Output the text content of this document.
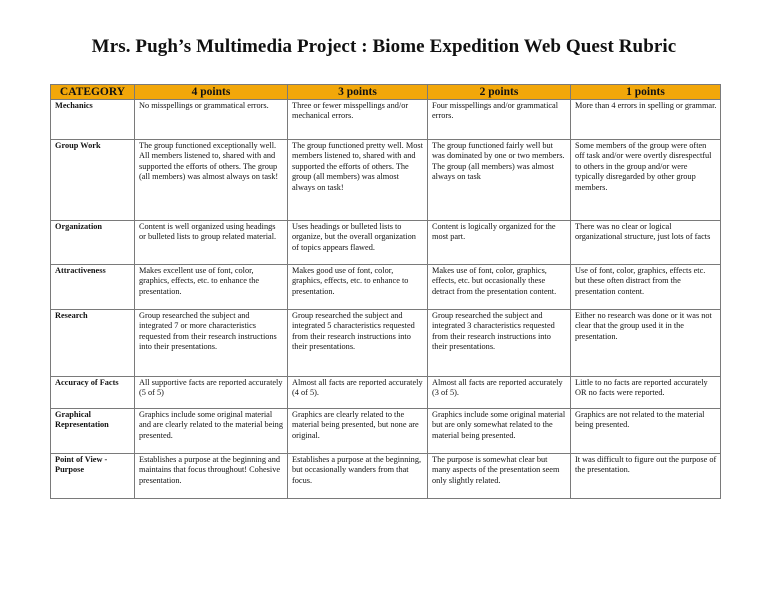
Mrs. Pugh’s Multimedia Project : Biome Expedition Web Quest Rubric
CATEGORY	4 points	3 points	2 points	1 points
Mechanics	No misspellings or grammatical errors.	Three or fewer misspellings and/or mechanical errors.	Four misspellings and/or grammatical errors.	More than 4 errors in spelling or grammar.
Group Work	The group functioned exceptionally well. All members listened to, shared with and supported the efforts of others. The group (all members) was almost always on task!	The group functioned pretty well. Most members listened to, shared with and supported the efforts of others. The group (all members) was almost always on task!	The group functioned fairly well but was dominated by one or two members. The group (all members) was almost always on task	Some members of the group were often off task and/or were overtly disrespectful to others in the group and/or were typically disregarded by other group members.
Organization	Content is well organized using headings or bulleted lists to group related material.	Uses headings or bulleted lists to organize, but the overall organization of topics appears flawed.	Content is logically organized for the most part.	There was no clear or logical organizational structure, just lots of facts
Attractiveness	Makes excellent use of font, color, graphics, effects, etc. to enhance the presentation.	Makes good use of font, color, graphics, effects, etc. to enhance to presentation.	Makes use of font, color, graphics, effects, etc. but occasionally these detract from the presentation content.	Use of font, color, graphics, effects etc. but these often distract from the presentation content.
Research	Group researched the subject and integrated 7 or more characteristics requested from their research instructions into their presentations.	Group researched the subject and integrated 5 characteristics requested from their research instructions into their presentations.	Group researched the subject and integrated 3 characteristics requested from their research instructions into their presentations.	Either no research was done or it was not clear that the group used it in the presentation.
Accuracy of Facts	All supportive facts are reported accurately (5 of 5)	Almost all facts are reported accurately (4 of 5).	Almost all facts are reported accurately (3 of 5).	Little to no facts are reported accurately OR no facts were reported.
Graphical Representation	Graphics include some original material and are clearly related to the material being presented.	Graphics are clearly related to the material being presented, but none are original.	Graphics include some original material but are only somewhat related to the material being presented.	Graphics are not related to the material being presented.
Point of View - Purpose	Establishes a purpose at the beginning and maintains that focus throughout! Cohesive presentation.	Establishes a purpose at the beginning, but occasionally wanders from that focus.	The purpose is somewhat clear but many aspects of the presentation seem only slightly related.	It was difficult to figure out the purpose of the presentation.
